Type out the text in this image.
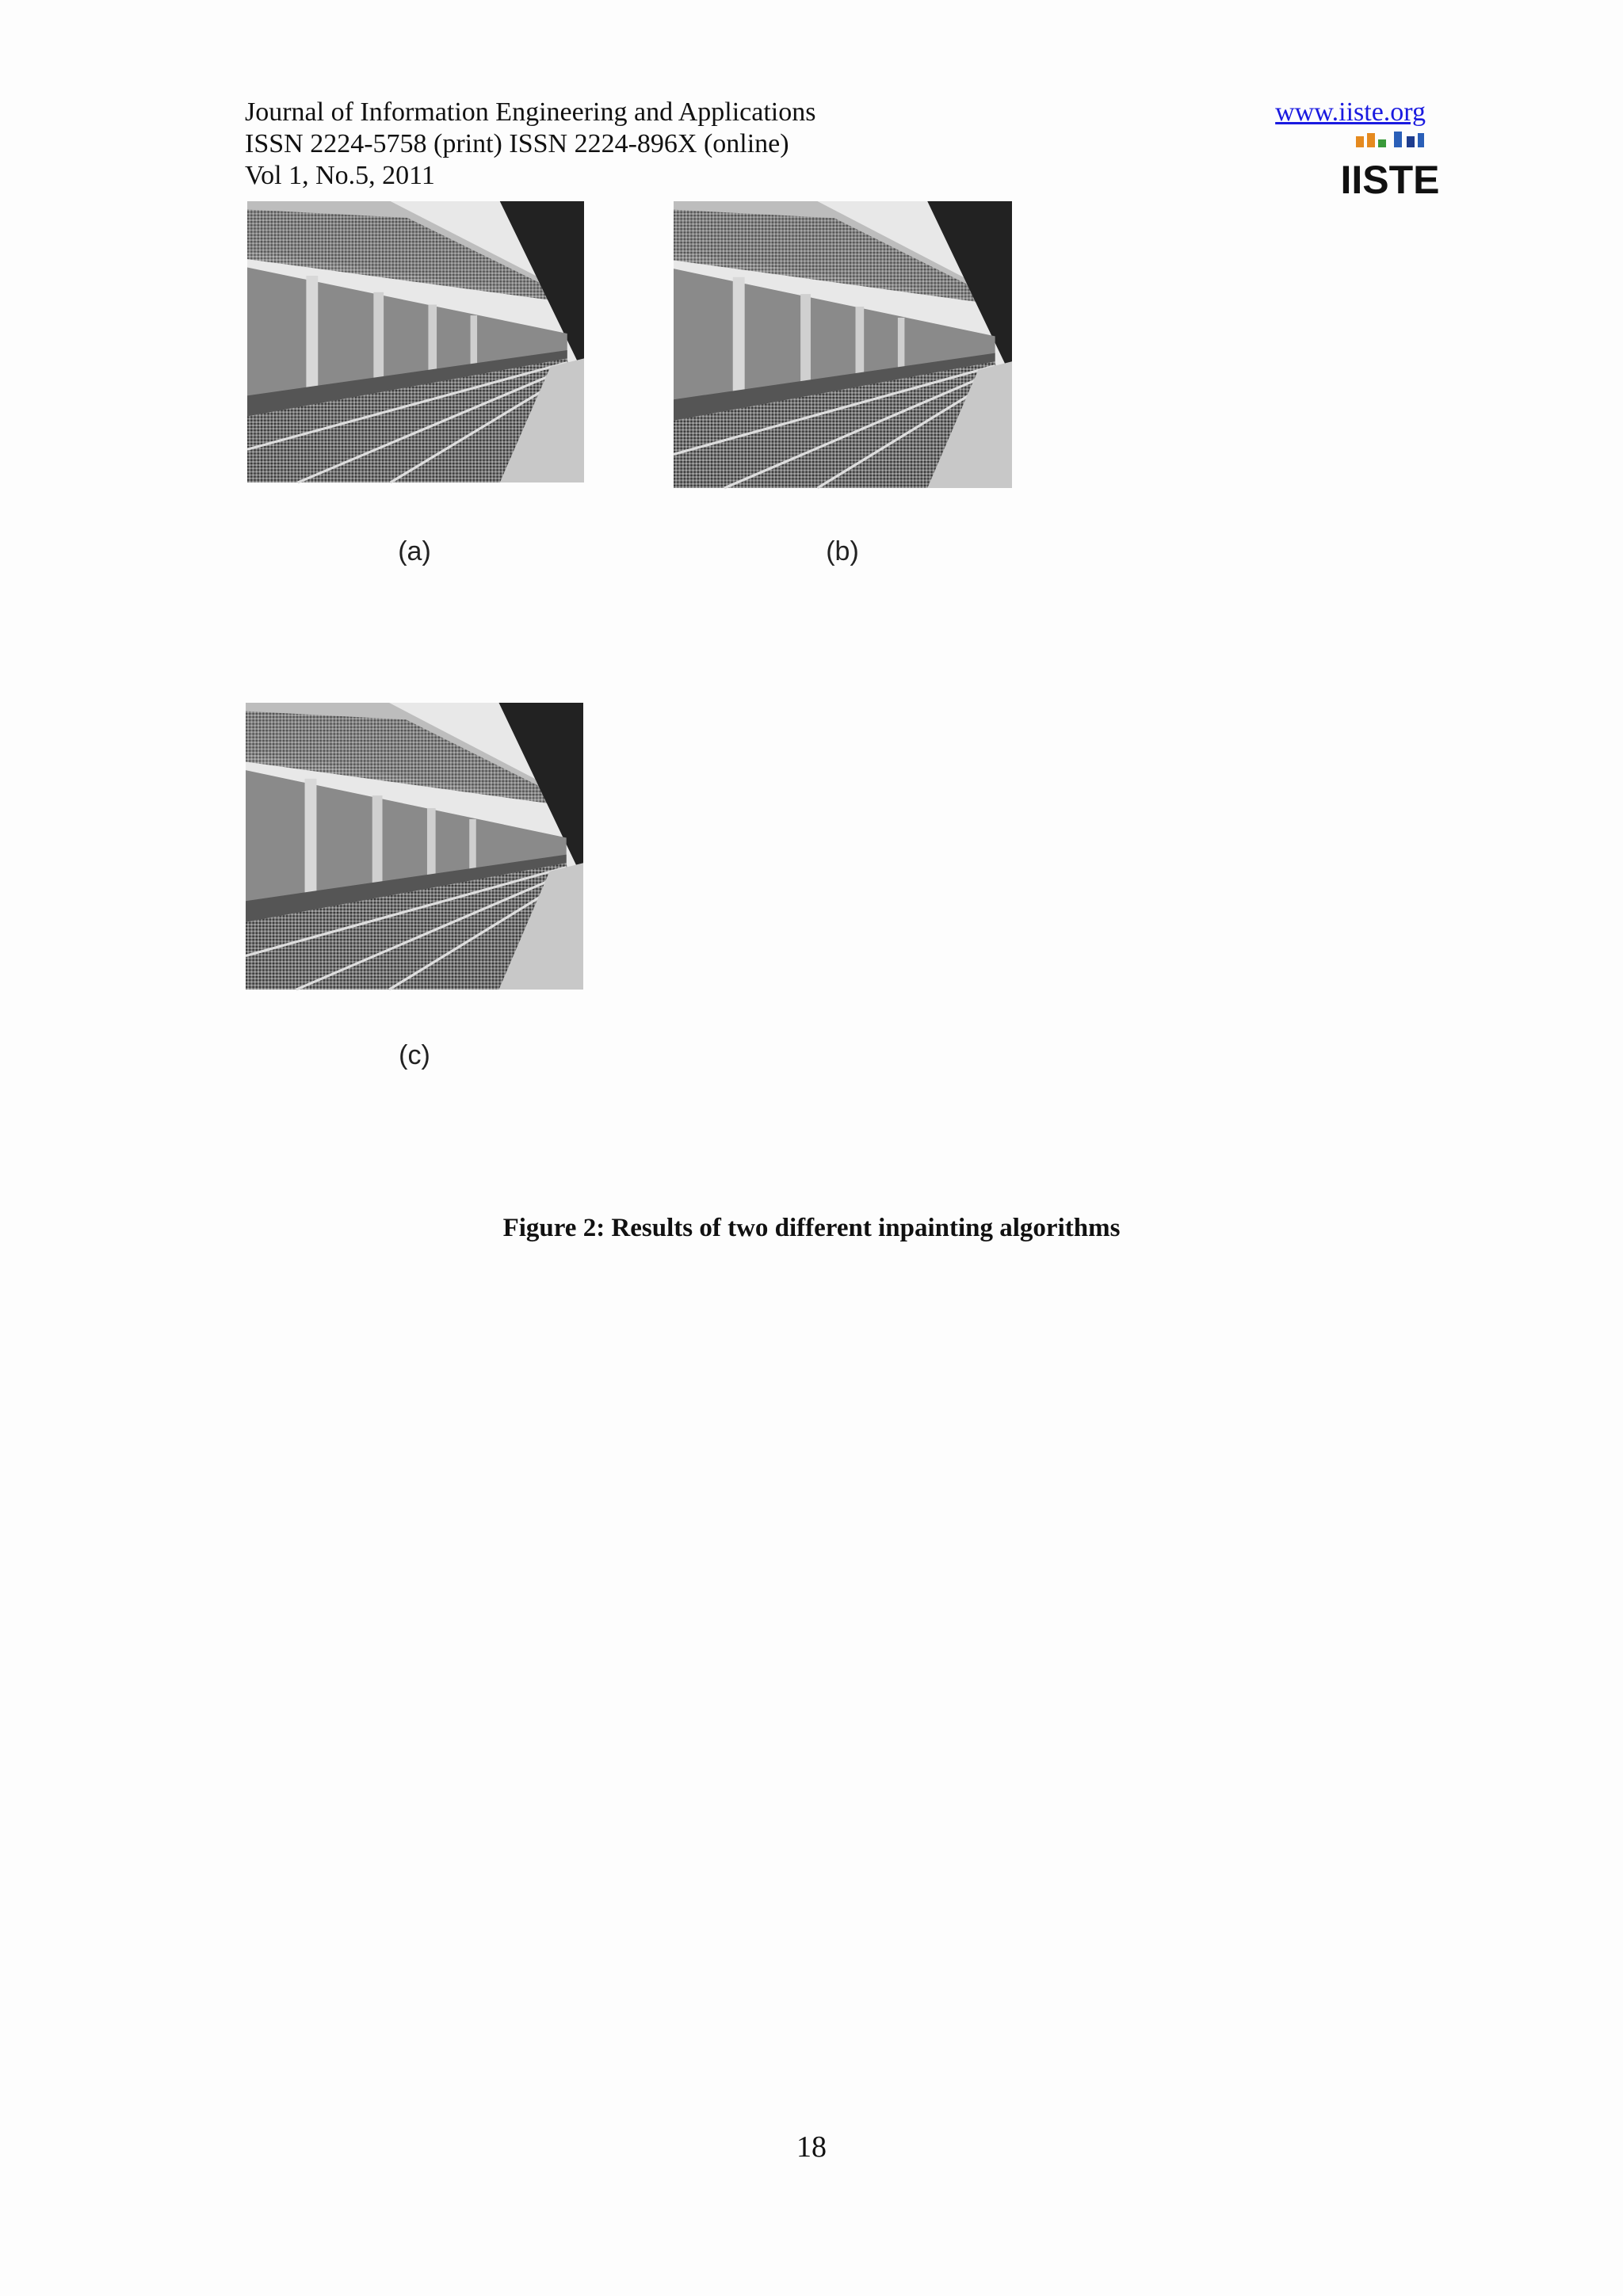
Journal of Information Engineering and Applications
ISSN 2224-5758 (print) ISSN 2224-896X (online)
Vol 1, No.5, 2011
www.iiste.org
IISTE
(a)	(b)
(c)
Figure 2: Results of two different inpainting algorithms
18
